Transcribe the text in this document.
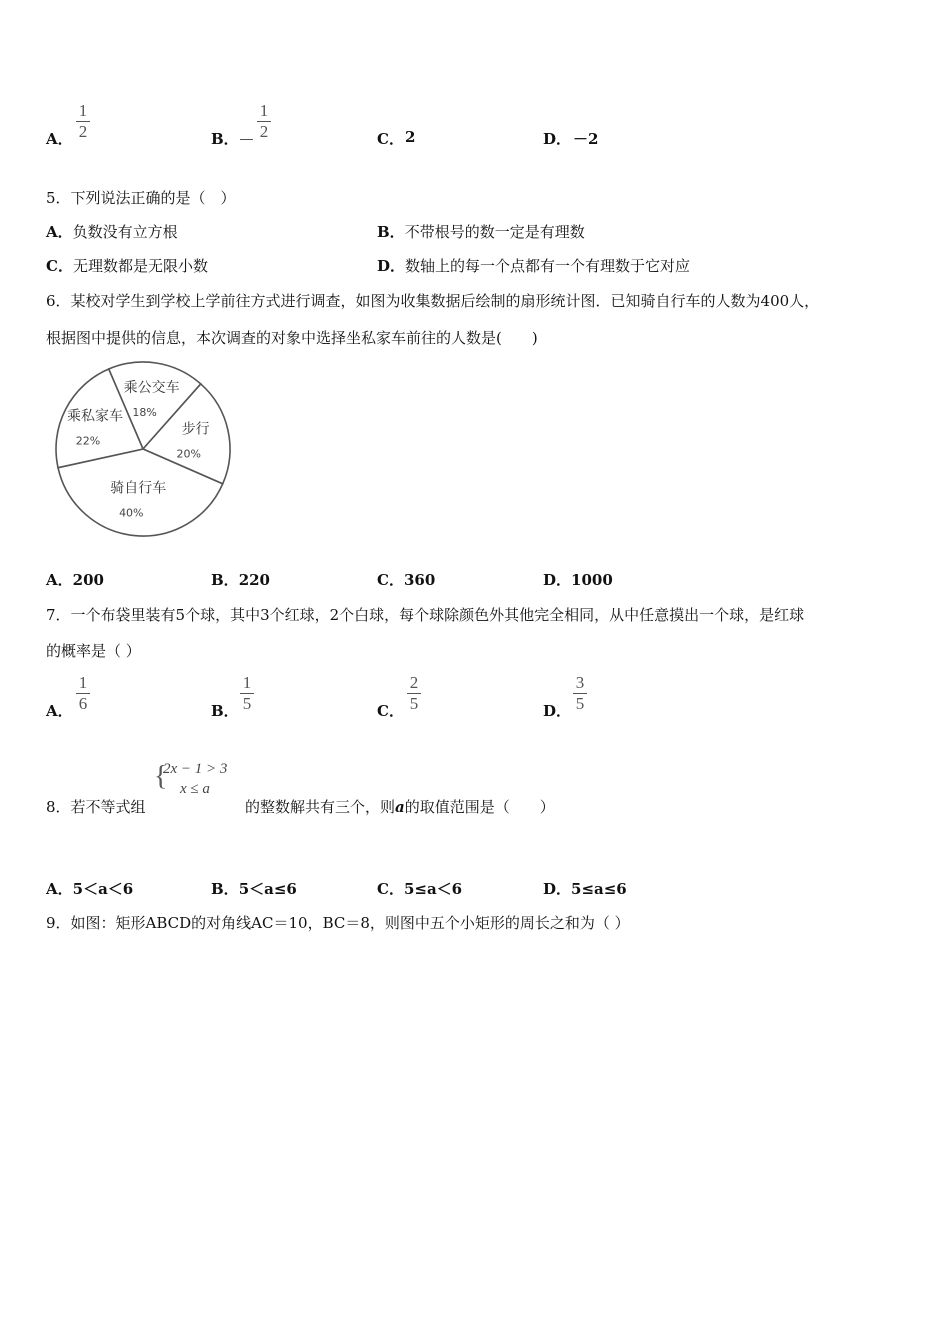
A．
1
2	B． －
1
2	C． 2	D． －2
5．下列说法正确的是（　）
A．负数没有立方根	B．不带根号的数一定是有理数
C．无理数都是无限小数	D．数轴上的每一个点都有一个有理数于它对应
6．某校对学生到学校上学前往方式进行调查，如图为收集数据后绘制的扇形统计图．已知骑自行车的人数为400人，
根据图中提供的信息，本次调查的对象中选择坐私家车前往的人数是(　　)
乘公交车
18%
步行
20%
骑自行车
40%
乘私家车
22%
A．200	B．220	C．360	D．1000
7．一个布袋里装有5个球，其中3个红球，2个白球，每个球除颜色外其他完全相同，从中任意摸出一个球，是红球
的概率是（ ）
A．
1
6	B．
1
5	C．
2
5	D．
3
5
8．若不等式组
{
2x − 1 > 3
x ≤ a
的整数解共有三个，则a的取值范围是（　　）
A．5＜a＜6	B．5＜a≤6	C．5≤a＜6	D．5≤a≤6
9．如图：矩形ABCD的对角线AC＝10，BC＝8，则图中五个小矩形的周长之和为（ ）
